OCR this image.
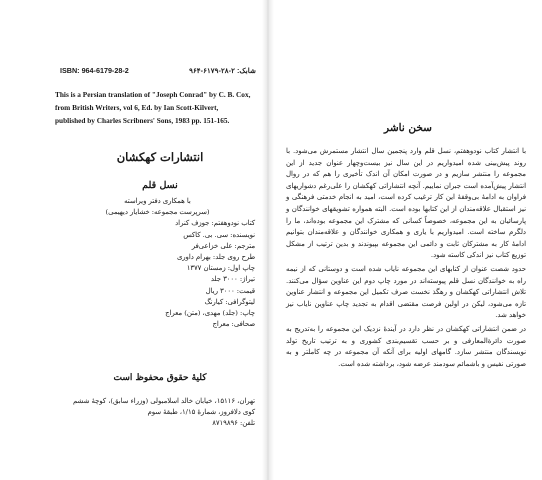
ISBN: 964-6179-28-2	شابک: ۲-۲۸-۶۱۷۹-۹۶۴
This is a Persian translation of "Joseph Conrad" by C. B. Cox,
from British Writers, vol 6, Ed. by Ian Scott-Kilvert,
published by Charles Scribners' Sons, 1983 pp. 151-165.
انتشارات کهکشان
نسل قلم
با همکاری دفتر ویراسته
(سرپرست مجموعه: خشایار دیهیمی)
کتاب نودوهفتم: جوزف کنراد
نویسنده: سی. بی. کاکس
مترجم: علی خزاعی‌فر
طرح روی جلد: بهرام داوری
چاپ اول: زمستان ۱۳۷۷
تیراژ: ۳۰۰۰ جلد
قیمت: ۳۰۰۰ ریال
لیتوگرافی: کیارنگ
چاپ: (جلد) مهدی، (متن) معراج
صحافی: معراج
کلیهٔ حقوق محفوظ است
تهران، ۱۵۱۱۶، خیابان خالد اسلامبولی (وزراء سابق)، کوچهٔ ششم
کوی دلافروز، شمارهٔ ۱/۱۵، طبقهٔ سوم
تلفن: ۸۷۱۹۸۹۶
سخن ناشر

با انتشار کتاب نودوهفتم، نسل قلم وارد پنجمین سال انتشار مستمرش می‌شود. با روند پیش‌بینی شده امیدواریم در این سال نیز بیست‌وچهار عنوان جدید از این مجموعه را منتشر سازیم و در صورت امکان آن اندک تأخیری را هم که در روال انتشار پیش‌آمده است جبران نماییم. آنچه انتشاراتی کهکشان را علی‌رغم دشواریهای فراوان به ادامهٔ بی‌وقفهٔ این کار ترغیب کرده است، امید به انجام خدمتی فرهنگی و نیز استقبال علاقه‌مندان از این کتابها بوده است. البته همواره تشویقهای خوانندگان و پارسائیان به این مجموعه، خصوصاً کسانی که مشترک این مجموعه بوده‌اند، ما را دلگرم ساخته است. امیدواریم با یاری و همکاری خوانندگان و علاقه‌مندان بتوانیم ادامهٔ کار به مشترکان ثابت و دائمی این مجموعه بپیوندند و بدین ترتیب از مشکل توزیع کتاب نیز اندکی کاسته شود.

حدود شصت عنوان از کتابهای این مجموعه نایاب شده است و دوستانی که از نیمه راه به خوانندگان نسل قلم پیوسته‌اند در مورد چاپ دوم این عناوین سؤال می‌کنند. تلاش انتشاراتی کهکشان و رهگذ نخست صرف تکمیل این مجموعه و انتشار عناوین تازه می‌شود، لیکن در اولین فرصت مقتضی اقدام به تجدید چاپ عناوین نایاب نیز خواهد شد.

در ضمن انتشاراتی کهکشان در نظر دارد در آیندهٔ نزدیک این مجموعه را به‌تدریج به صورت دائرةالمعارفی و بر حسب تقسیم‌بندی کشوری و به ترتیب تاریخ تولد نویسندگان منتشر سازد. گامهای اولیه برای آنکه آن مجموعه در چه کاملتر و به صورتی نفیس و باشمائم سودمند عرضه شود، برداشته شده است.
